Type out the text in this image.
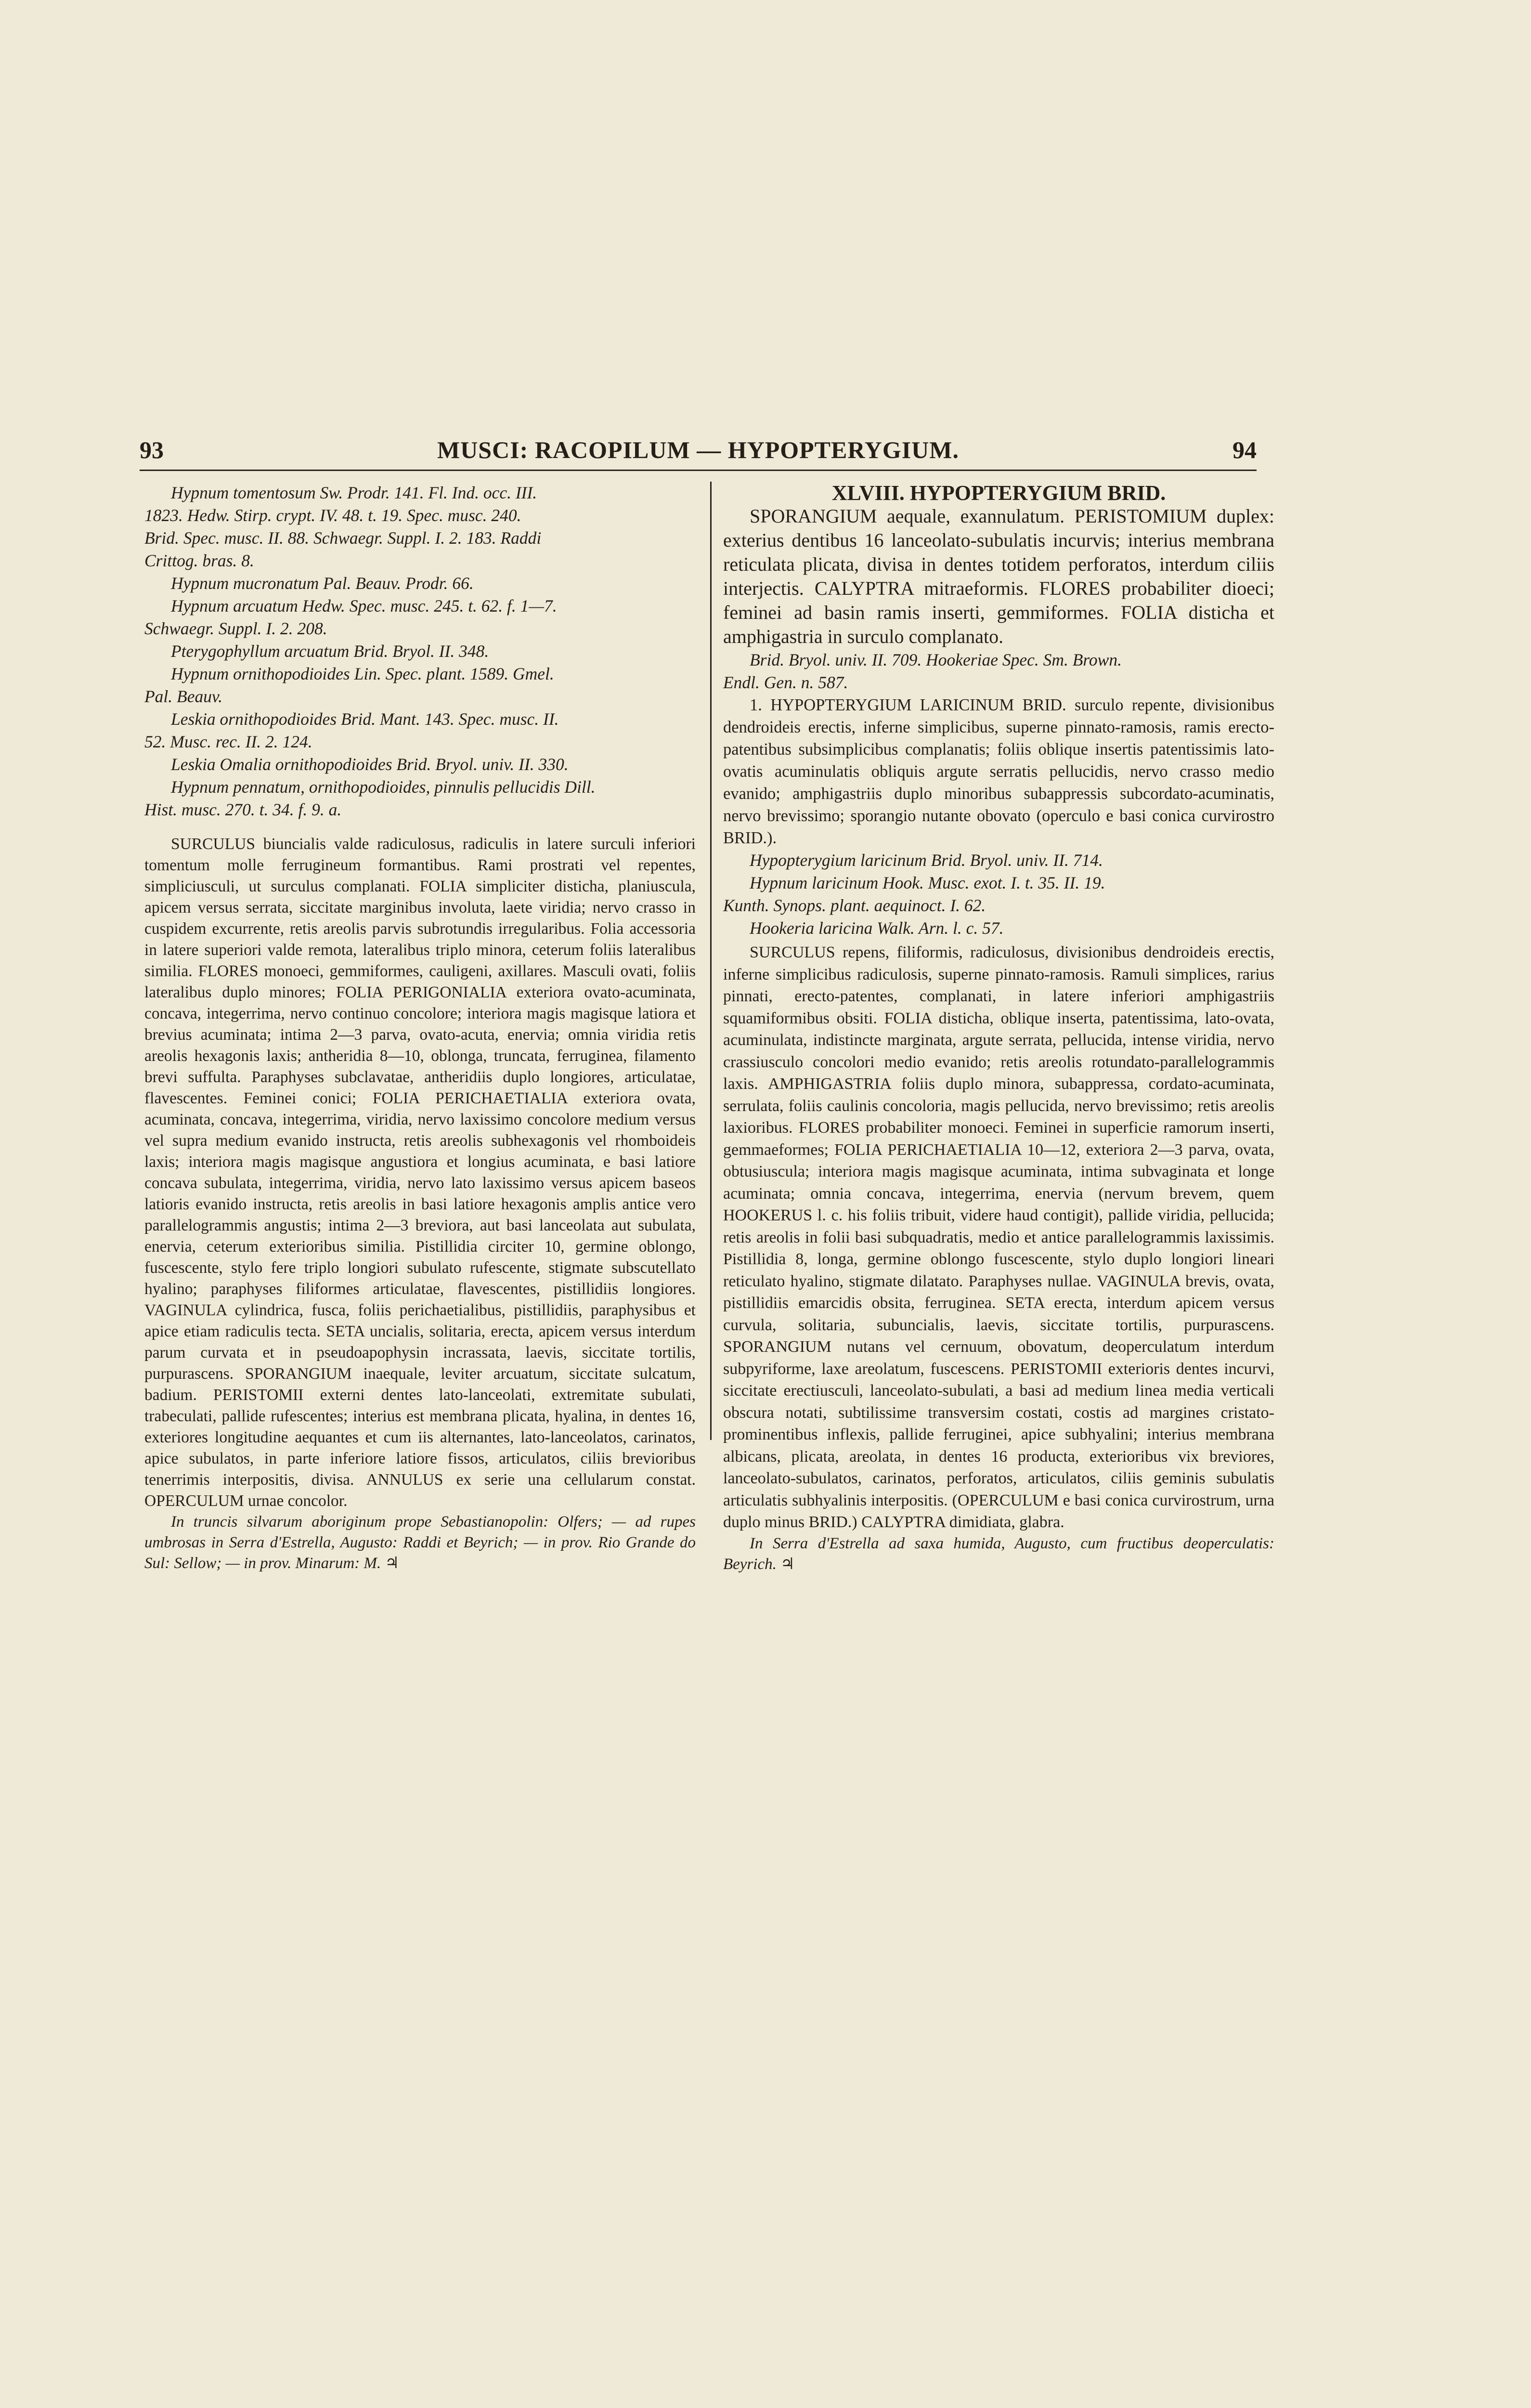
93	MUSCI: RACOPILUM — HYPOPTERYGIUM.	94

Hypnum tomentosum Sw. Prodr. 141. Fl. Ind. occ. III.

1823. Hedw. Stirp. crypt. IV. 48. t. 19. Spec. musc. 240.

Brid. Spec. musc. II. 88. Schwaegr. Suppl. I. 2. 183. Raddi

Crittog. bras. 8.

Hypnum mucronatum Pal. Beauv. Prodr. 66.

Hypnum arcuatum Hedw. Spec. musc. 245. t. 62. f. 1—7.

Schwaegr. Suppl. I. 2. 208.

Pterygophyllum arcuatum Brid. Bryol. II. 348.

Hypnum ornithopodioides Lin. Spec. plant. 1589. Gmel.

Pal. Beauv.

Leskia ornithopodioides Brid. Mant. 143. Spec. musc. II.

52. Musc. rec. II. 2. 124.

Leskia Omalia ornithopodioides Brid. Bryol. univ. II. 330.

Hypnum pennatum, ornithopodioides, pinnulis pellucidis Dill.

Hist. musc. 270. t. 34. f. 9. a.

SURCULUS biuncialis valde radiculosus, radiculis in latere surculi inferiori tomentum molle ferrugineum formantibus. Rami prostrati vel repentes, simpliciusculi, ut surculus complanati. FOLIA simpliciter disticha, planiuscula, apicem versus serrata, siccitate marginibus involuta, laete viridia; nervo crasso in cuspidem excurrente, retis areolis parvis subrotundis irregularibus. Folia accessoria in latere superiori valde remota, lateralibus triplo minora, ceterum foliis lateralibus similia. FLORES monoeci, gemmiformes, cauligeni, axillares. Masculi ovati, foliis lateralibus duplo minores; FOLIA PERIGONIALIA exteriora ovato-acuminata, concava, integerrima, nervo continuo concolore; interiora magis magisque latiora et brevius acuminata; intima 2—3 parva, ovato-acuta, enervia; omnia viridia retis areolis hexagonis laxis; antheridia 8—10, oblonga, truncata, ferruginea, filamento brevi suffulta. Paraphyses subclavatae, antheridiis duplo longiores, articulatae, flavescentes. Feminei conici; FOLIA PERICHAETIALIA exteriora ovata, acuminata, concava, integerrima, viridia, nervo laxissimo concolore medium versus vel supra medium evanido instructa, retis areolis subhexagonis vel rhomboideis laxis; interiora magis magisque angustiora et longius acuminata, e basi latiore concava subulata, integerrima, viridia, nervo lato laxissimo versus apicem baseos latioris evanido instructa, retis areolis in basi latiore hexagonis amplis antice vero parallelogrammis angustis; intima 2—3 breviora, aut basi lanceolata aut subulata, enervia, ceterum exterioribus similia. Pistillidia circiter 10, germine oblongo, fuscescente, stylo fere triplo longiori subulato rufescente, stigmate subscutellato hyalino; paraphyses filiformes articulatae, flavescentes, pistillidiis longiores. VAGINULA cylindrica, fusca, foliis perichaetialibus, pistillidiis, paraphysibus et apice etiam radiculis tecta. SETA uncialis, solitaria, erecta, apicem versus interdum parum curvata et in pseudoapophysin incrassata, laevis, siccitate tortilis, purpurascens. SPORANGIUM inaequale, leviter arcuatum, siccitate sulcatum, badium. PERISTOMII externi dentes lato-lanceolati, extremitate subulati, trabeculati, pallide rufescentes; interius est membrana plicata, hyalina, in dentes 16, exteriores longitudine aequantes et cum iis alternantes, lato-lanceolatos, carinatos, apice subulatos, in parte inferiore latiore fissos, articulatos, ciliis brevioribus tenerrimis interpositis, divisa. ANNULUS ex serie una cellularum constat. OPERCULUM urnae concolor.

In truncis silvarum aboriginum prope Sebastianopolin: Olfers; — ad rupes umbrosas in Serra d'Estrella, Augusto: Raddi et Beyrich; — in prov. Rio Grande do Sul: Sellow; — in prov. Minarum: M. ♃

XLVIII. HYPOPTERYGIUM BRID.

SPORANGIUM aequale, exannulatum. PERISTOMIUM duplex: exterius dentibus 16 lanceolato-subulatis incurvis; interius membrana reticulata plicata, divisa in dentes totidem perforatos, interdum ciliis interjectis. CALYPTRA mitraeformis. FLORES probabiliter dioeci; feminei ad basin ramis inserti, gemmiformes. FOLIA disticha et amphigastria in surculo complanato.

Brid. Bryol. univ. II. 709. Hookeriae Spec. Sm. Brown.

Endl. Gen. n. 587.

1. HYPOPTERYGIUM LARICINUM BRID. surculo repente, divisionibus dendroideis erectis, inferne simplicibus, superne pinnato-ramosis, ramis erecto-patentibus subsimplicibus complanatis; foliis oblique insertis patentissimis lato-ovatis acuminulatis obliquis argute serratis pellucidis, nervo crasso medio evanido; amphigastriis duplo minoribus subappressis subcordato-acuminatis, nervo brevissimo; sporangio nutante obovato (operculo e basi conica curvirostro BRID.).

Hypopterygium laricinum Brid. Bryol. univ. II. 714.

Hypnum laricinum Hook. Musc. exot. I. t. 35. II. 19.

Kunth. Synops. plant. aequinoct. I. 62.

Hookeria laricina Walk. Arn. l. c. 57.

SURCULUS repens, filiformis, radiculosus, divisionibus dendroideis erectis, inferne simplicibus radiculosis, superne pinnato-ramosis. Ramuli simplices, rarius pinnati, erecto-patentes, complanati, in latere inferiori amphigastriis squamiformibus obsiti. FOLIA disticha, oblique inserta, patentissima, lato-ovata, acuminulata, indistincte marginata, argute serrata, pellucida, intense viridia, nervo crassiusculo concolori medio evanido; retis areolis rotundato-parallelogrammis laxis. AMPHIGASTRIA foliis duplo minora, subappressa, cordato-acuminata, serrulata, foliis caulinis concoloria, magis pellucida, nervo brevissimo; retis areolis laxioribus. FLORES probabiliter monoeci. Feminei in superficie ramorum inserti, gemmaeformes; FOLIA PERICHAETIALIA 10—12, exteriora 2—3 parva, ovata, obtusiuscula; interiora magis magisque acuminata, intima subvaginata et longe acuminata; omnia concava, integerrima, enervia (nervum brevem, quem HOOKERUS l. c. his foliis tribuit, videre haud contigit), pallide viridia, pellucida; retis areolis in folii basi subquadratis, medio et antice parallelogrammis laxissimis. Pistillidia 8, longa, germine oblongo fuscescente, stylo duplo longiori lineari reticulato hyalino, stigmate dilatato. Paraphyses nullae. VAGINULA brevis, ovata, pistillidiis emarcidis obsita, ferruginea. SETA erecta, interdum apicem versus curvula, solitaria, subuncialis, laevis, siccitate tortilis, purpurascens. SPORANGIUM nutans vel cernuum, obovatum, deoperculatum interdum subpyriforme, laxe areolatum, fuscescens. PERISTOMII exterioris dentes incurvi, siccitate erectiusculi, lanceolato-subulati, a basi ad medium linea media verticali obscura notati, subtilissime transversim costati, costis ad margines cristato-prominentibus inflexis, pallide ferruginei, apice subhyalini; interius membrana albicans, plicata, areolata, in dentes 16 producta, exterioribus vix breviores, lanceolato-subulatos, carinatos, perforatos, articulatos, ciliis geminis subulatis articulatis subhyalinis interpositis. (OPERCULUM e basi conica curvirostrum, urna duplo minus BRID.) CALYPTRA dimidiata, glabra.

In Serra d'Estrella ad saxa humida, Augusto, cum fructibus deoperculatis: Beyrich. ♃
